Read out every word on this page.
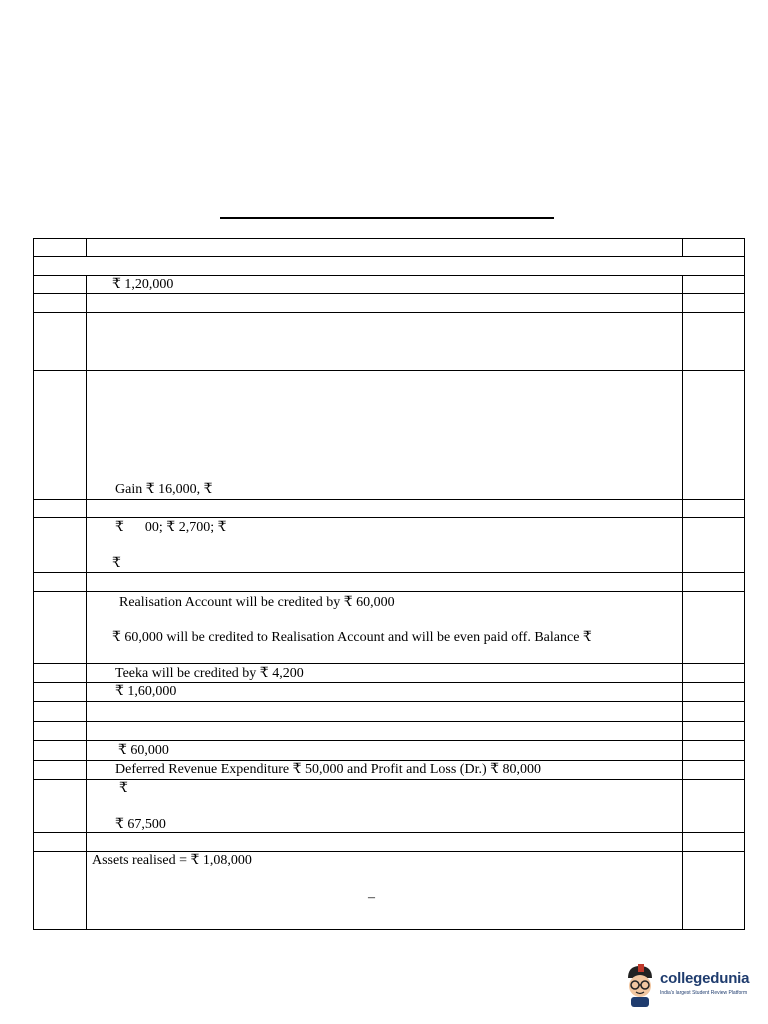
	₹ 1,20,000	

	Gain ₹ 16,000, ₹	

	₹      00; ₹ 2,700; ₹
₹	

	Realisation Account will be credited by ₹ 60,000
₹ 60,000 will be credited to Realisation Account and will be even paid off. Balance ₹	

	Teeka will be credited by ₹ 4,200	

	₹ 1,60,000	

	₹ 60,000	

	Deferred Revenue Expenditure ₹ 50,000 and Profit and Loss (Dr.) ₹ 80,000	

	₹
₹ 67,500	

	Assets realised = ₹ 1,08,000
–	

collegedunia
India's largest Student Review Platform
